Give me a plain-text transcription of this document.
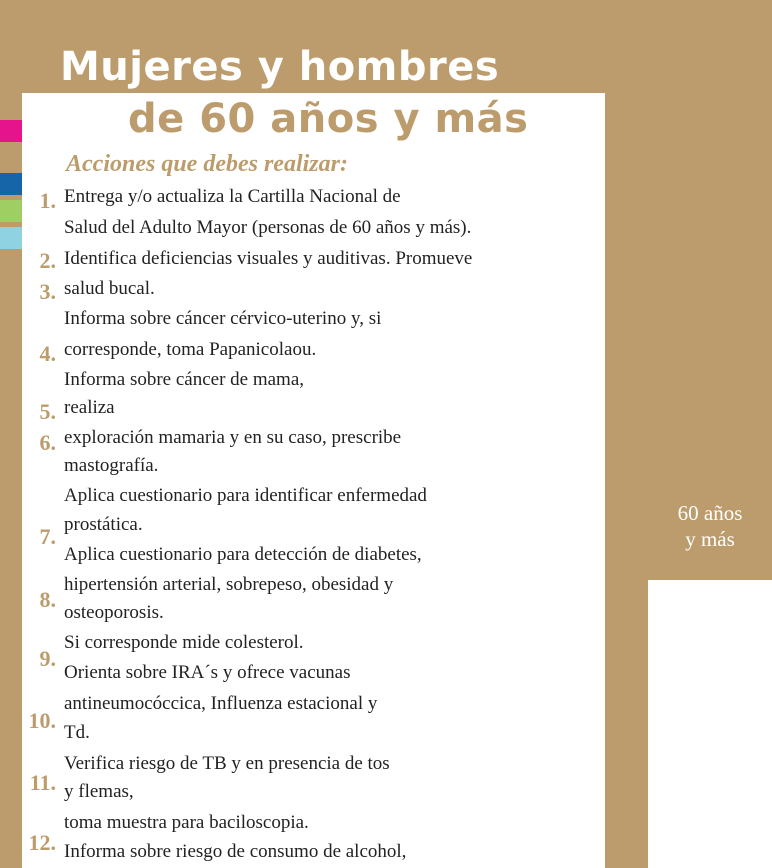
Mujeres y hombres
de 60 años y más
Acciones que debes realizar:
1.
2.
3.
4.
5.
6.
7.
8.
9.
10.
11.
12.
Entrega y/o actualiza la Cartilla Nacional de
Salud del Adulto Mayor (personas de 60 años y más).
Identifica deficiencias visuales y auditivas. Promueve
salud bucal.
Informa sobre cáncer cérvico-uterino y, si
corresponde, toma Papanicolaou.
Informa sobre cáncer de mama,
realiza
exploración mamaria y en su caso, prescribe
mastografía.
Aplica cuestionario para identificar enfermedad
prostática.
Aplica cuestionario para detección de diabetes,
hipertensión arterial, sobrepeso, obesidad y
osteoporosis.
Si corresponde mide colesterol.
Orienta sobre IRA´s y ofrece vacunas
antineumocóccica, Influenza estacional y
Td.
Verifica riesgo de TB y en presencia de tos
y flemas,
toma muestra para baciloscopia.
Informa sobre riesgo de consumo de alcohol,
60 años
y más
